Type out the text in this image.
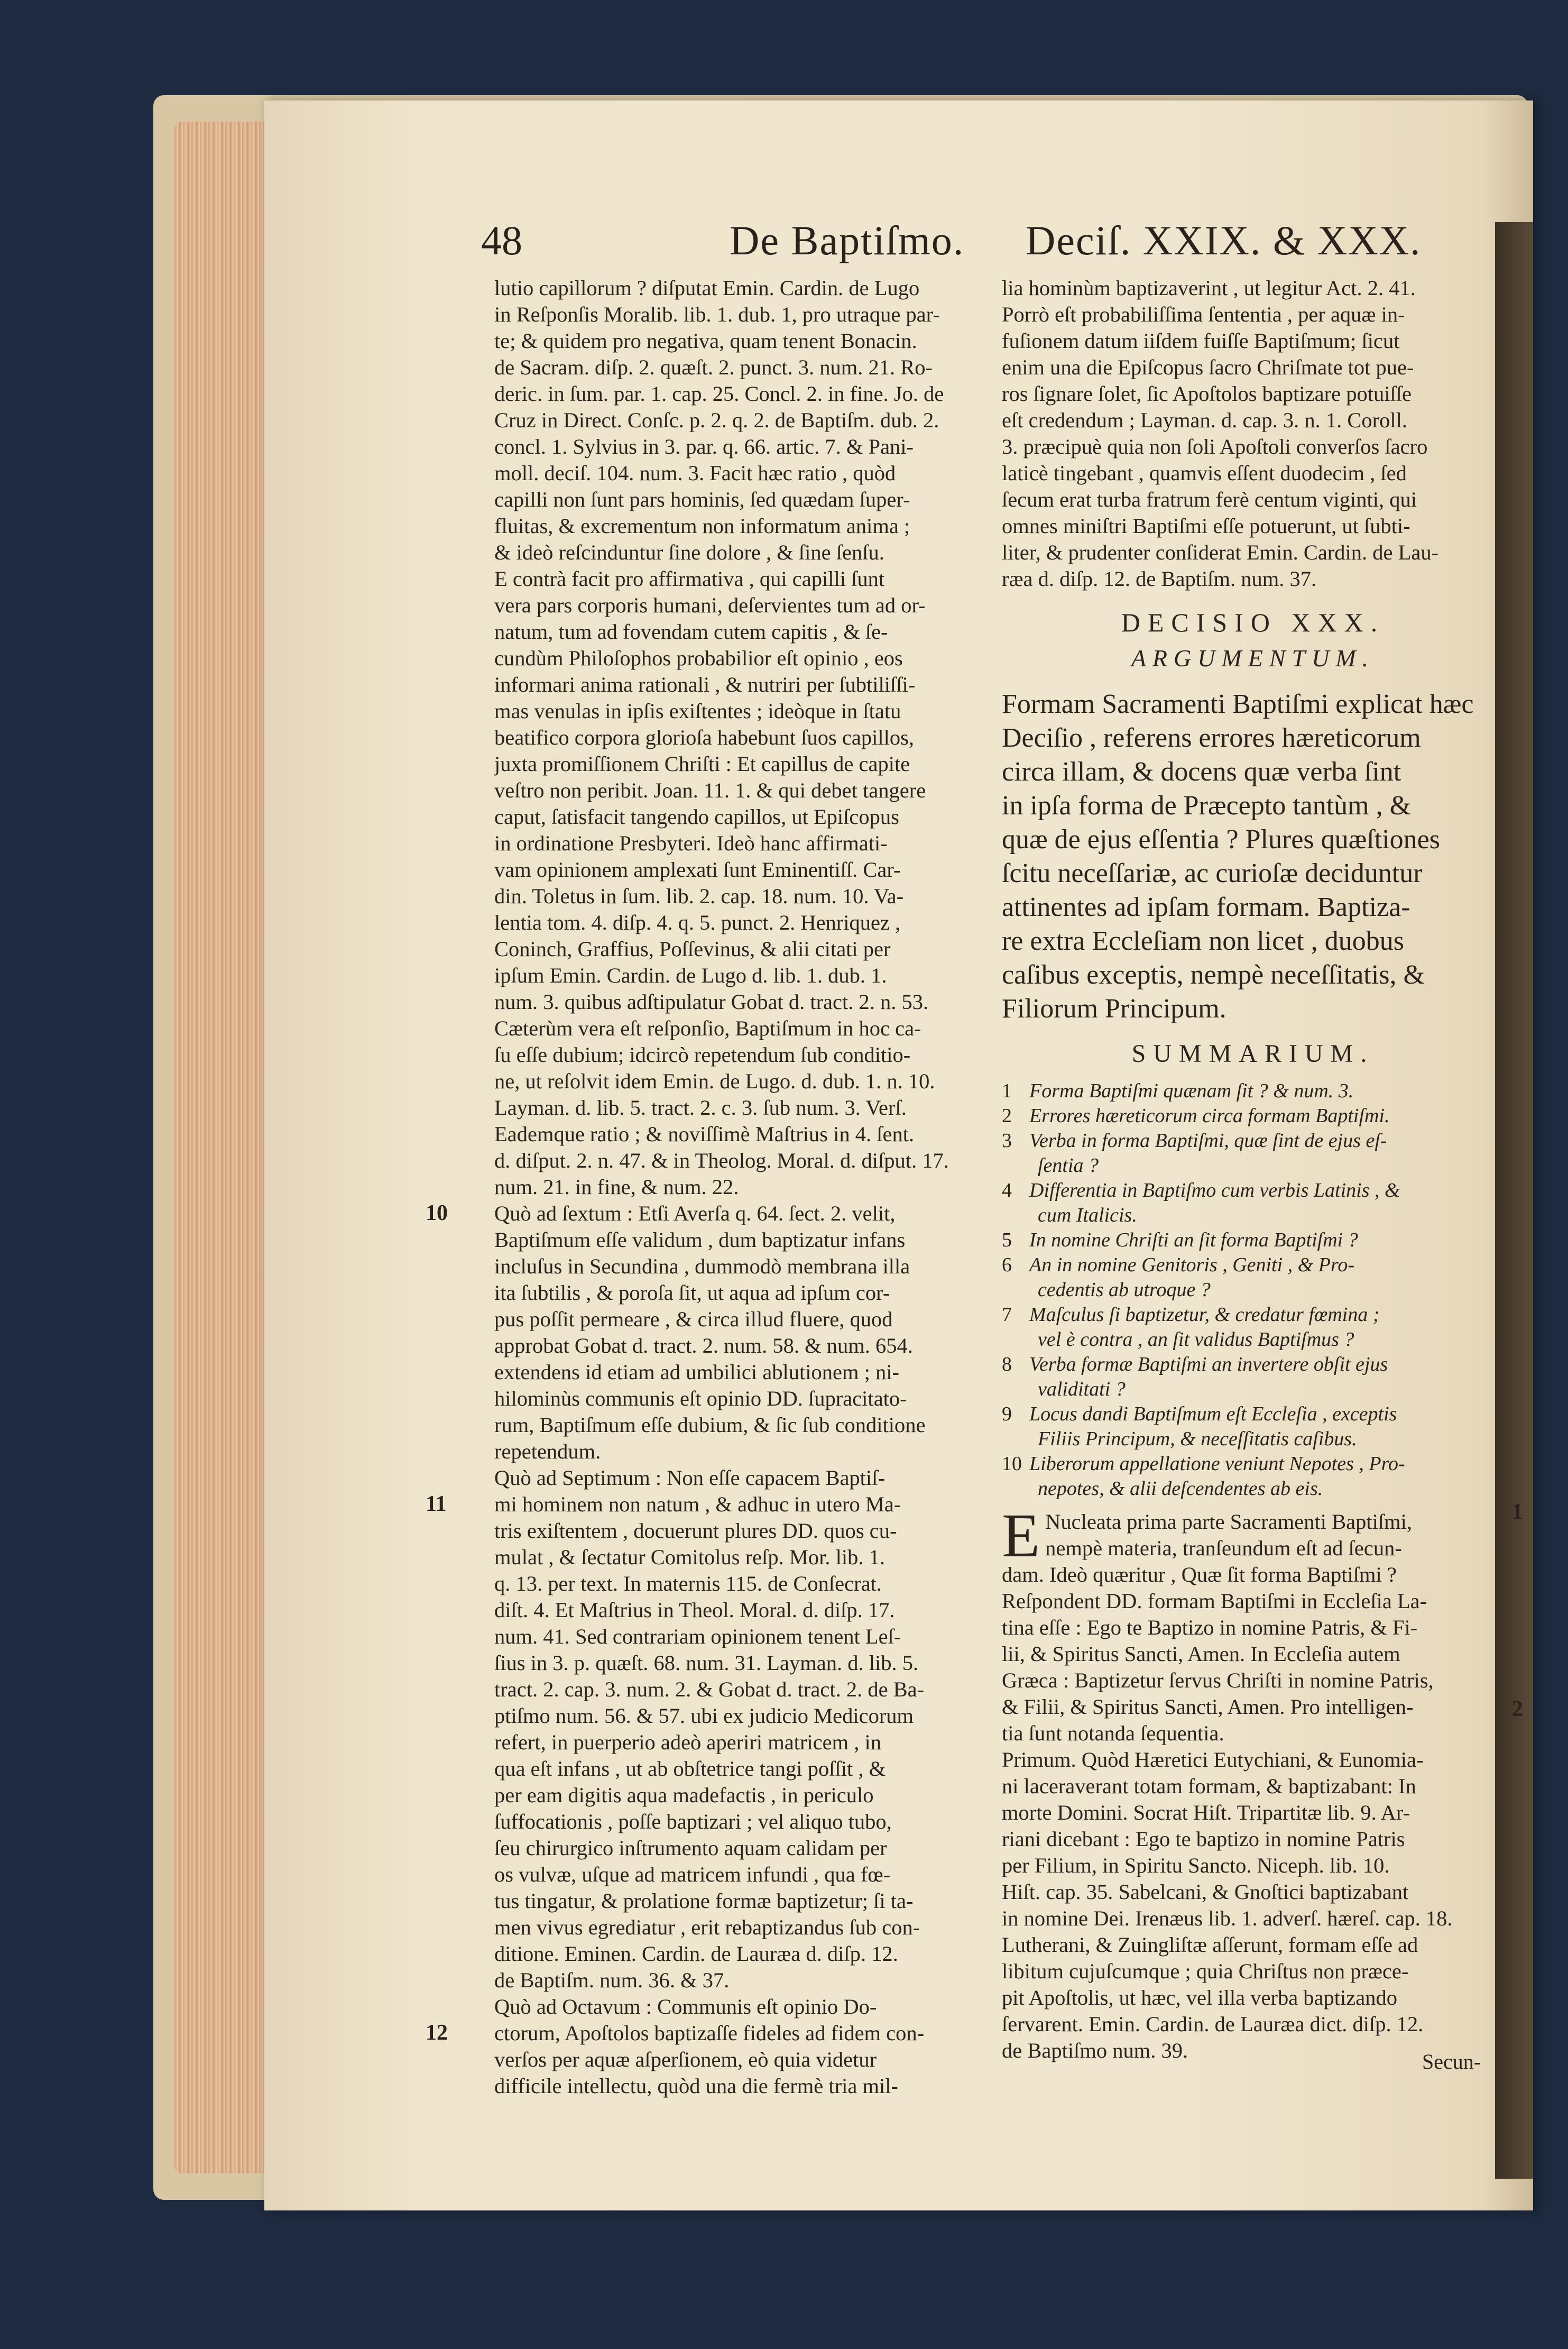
48	De Baptiſmo. Deciſ. XXIX. & XXX.
lutio capillorum ? diſputat Emin. Cardin. de Lugo
in Reſponſis Moralib. lib. 1. dub. 1, pro utraque par-
te; & quidem pro negativa, quam tenent Bonacin.
de Sacram. diſp. 2. quæſt. 2. punct. 3. num. 21. Ro-
deric. in ſum. par. 1. cap. 25. Concl. 2. in fine. Jo. de
Cruz in Direct. Conſc. p. 2. q. 2. de Baptiſm. dub. 2.
concl. 1. Sylvius in 3. par. q. 66. artic. 7. & Pani-
moll. deciſ. 104. num. 3. Facit hæc ratio , quòd
capilli non ſunt pars hominis, ſed quædam ſuper-
fluitas, & excrementum non informatum anima ;
& ideò reſcinduntur ſine dolore , & ſine ſenſu.
E contrà facit pro affirmativa , qui capilli ſunt
vera pars corporis humani, deſervientes tum ad or-
natum, tum ad fovendam cutem capitis , & ſe-
cundùm Philoſophos probabilior eſt opinio , eos
informari anima rationali , & nutriri per ſubtiliſſi-
mas venulas in ipſis exiſtentes ; ideòque in ſtatu
beatifico corpora glorioſa habebunt ſuos capillos,
juxta promiſſionem Chriſti : Et capillus de capite
veſtro non peribit. Joan. 11. 1. & qui debet tangere
caput, ſatisfacit tangendo capillos, ut Epiſcopus
in ordinatione Presbyteri. Ideò hanc affirmati-
vam opinionem amplexati ſunt Eminentiſſ. Car-
din. Toletus in ſum. lib. 2. cap. 18. num. 10. Va-
lentia tom. 4. diſp. 4. q. 5. punct. 2. Henriquez ,
Coninch, Graffius, Poſſevinus, & alii citati per
ipſum Emin. Cardin. de Lugo d. lib. 1. dub. 1.
num. 3. quibus adſtipulatur Gobat d. tract. 2. n. 53.
Cæterùm vera eſt reſponſio, Baptiſmum in hoc ca-
ſu eſſe dubium; idcircò repetendum ſub conditio-
ne, ut reſolvit idem Emin. de Lugo. d. dub. 1. n. 10.
Layman. d. lib. 5. tract. 2. c. 3. ſub num. 3. Verſ.
Eademque ratio ; & noviſſimè Maſtrius in 4. ſent.
d. diſput. 2. n. 47. & in Theolog. Moral. d. diſput. 17.
num. 21. in fine, & num. 22.
Quò ad ſextum : Etſi Averſa q. 64. ſect. 2. velit,
Baptiſmum eſſe validum , dum baptizatur infans
incluſus in Secundina , dummodò membrana illa
ita ſubtilis , & poroſa ſit, ut aqua ad ipſum cor-
pus poſſit permeare , & circa illud fluere, quod
approbat Gobat d. tract. 2. num. 58. & num. 654.
extendens id etiam ad umbilici ablutionem ; ni-
hilominùs communis eſt opinio DD. ſupracitato-
rum, Baptiſmum eſſe dubium, & ſic ſub conditione
repetendum.
Quò ad Septimum : Non eſſe capacem Baptiſ-
mi hominem non natum , & adhuc in utero Ma-
tris exiſtentem , docuerunt plures DD. quos cu-
mulat , & ſectatur Comitolus reſp. Mor. lib. 1.
q. 13. per text. In maternis 115. de Conſecrat.
diſt. 4. Et Maſtrius in Theol. Moral. d. diſp. 17.
num. 41. Sed contrariam opinionem tenent Leſ-
ſius in 3. p. quæſt. 68. num. 31. Layman. d. lib. 5.
tract. 2. cap. 3. num. 2. & Gobat d. tract. 2. de Ba-
ptiſmo num. 56. & 57. ubi ex judicio Medicorum
refert, in puerperio adeò aperiri matricem , in
qua eſt infans , ut ab obſtetrice tangi poſſit , &
per eam digitis aqua madefactis , in periculo
ſuffocationis , poſſe baptizari ; vel aliquo tubo,
ſeu chirurgico inſtrumento aquam calidam per
os vulvæ, uſque ad matricem infundi , qua fœ-
tus tingatur, & prolatione formæ baptizetur; ſi ta-
men vivus egrediatur , erit rebaptizandus ſub con-
ditione. Eminen. Cardin. de Lauræa d. diſp. 12.
de Baptiſm. num. 36. & 37.
Quò ad Octavum : Communis eſt opinio Do-
ctorum, Apoſtolos baptizaſſe fideles ad fidem con-
verſos per aquæ aſperſionem, eò quia videtur
difficile intellectu, quòd una die fermè tria mil-
10
11
12
lia hominùm baptizaverint , ut legitur Act. 2. 41.
Porrò eſt probabiliſſima ſententia , per aquæ in-
fuſionem datum iiſdem fuiſſe Baptiſmum; ſicut
enim una die Epiſcopus ſacro Chriſmate tot pue-
ros ſignare ſolet, ſic Apoſtolos baptizare potuiſſe
eſt credendum ; Layman. d. cap. 3. n. 1. Coroll.
3. præcipuè quia non ſoli Apoſtoli converſos ſacro
laticè tingebant , quamvis eſſent duodecim , ſed
ſecum erat turba fratrum ferè centum viginti, qui
omnes miniſtri Baptiſmi eſſe potuerunt, ut ſubti-
liter, & prudenter conſiderat Emin. Cardin. de Lau-
ræa d. diſp. 12. de Baptiſm. num. 37.
DECISIO XXX.
ARGUMENTUM.
Formam Sacramenti Baptiſmi explicat hæc
Deciſio , referens errores hæreticorum
circa illam, & docens quæ verba ſint
in ipſa forma de Præcepto tantùm , &
quæ de ejus eſſentia ? Plures quæſtiones
ſcitu neceſſariæ, ac curioſæ deciduntur
attinentes ad ipſam formam. Baptiza-
re extra Eccleſiam non licet , duobus
caſibus exceptis, nempè neceſſitatis, &
Filiorum Principum.
SUMMARIUM.
1 Forma Baptiſmi quænam ſit ? & num. 3.
2 Errores hæreticorum circa formam Baptiſmi.
3 Verba in forma Baptiſmi, quæ ſint de ejus eſ-
ſentia ?
4 Differentia in Baptiſmo cum verbis Latinis , &
cum Italicis.
5 In nomine Chriſti an ſit forma Baptiſmi ?
6 An in nomine Genitoris , Geniti , & Pro-
cedentis ab utroque ?
7 Maſculus ſi baptizetur, & credatur fœmina ;
vel è contra , an ſit validus Baptiſmus ?
8 Verba formæ Baptiſmi an invertere obſit ejus
validitati ?
9 Locus dandi Baptiſmum eſt Eccleſia , exceptis
Filiis Principum, & neceſſitatis caſibus.
10 Liberorum appellatione veniunt Nepotes , Pro-
nepotes, & alii deſcendentes ab eis.
E Nucleata prima parte Sacramenti Baptiſmi,
nempè materia, tranſeundum eſt ad ſecun-
dam. Ideò quæritur , Quæ ſit forma Baptiſmi ?
Reſpondent DD. formam Baptiſmi in Eccleſia La-
tina eſſe : Ego te Baptizo in nomine Patris, & Fi-
lii, & Spiritus Sancti, Amen. In Eccleſia autem
Græca : Baptizetur ſervus Chriſti in nomine Patris,
& Filii, & Spiritus Sancti, Amen. Pro intelligen-
tia ſunt notanda ſequentia.
Primum. Quòd Hæretici Eutychiani, & Eunomia-
ni laceraverant totam formam, & baptizabant: In
morte Domini. Socrat Hiſt. Tripartitæ lib. 9. Ar-
riani dicebant : Ego te baptizo in nomine Patris
per Filium, in Spiritu Sancto. Niceph. lib. 10.
Hiſt. cap. 35. Sabelcani, & Gnoſtici baptizabant
in nomine Dei. Irenæus lib. 1. adverſ. hæreſ. cap. 18.
Lutherani, & Zuingliſtæ aſſerunt, formam eſſe ad
libitum cujuſcumque ; quia Chriſtus non præce-
pit Apoſtolis, ut hæc, vel illa verba baptizando
ſervarent. Emin. Cardin. de Lauræa dict. diſp. 12.
de Baptiſmo num. 39.
1
2
Secun-
